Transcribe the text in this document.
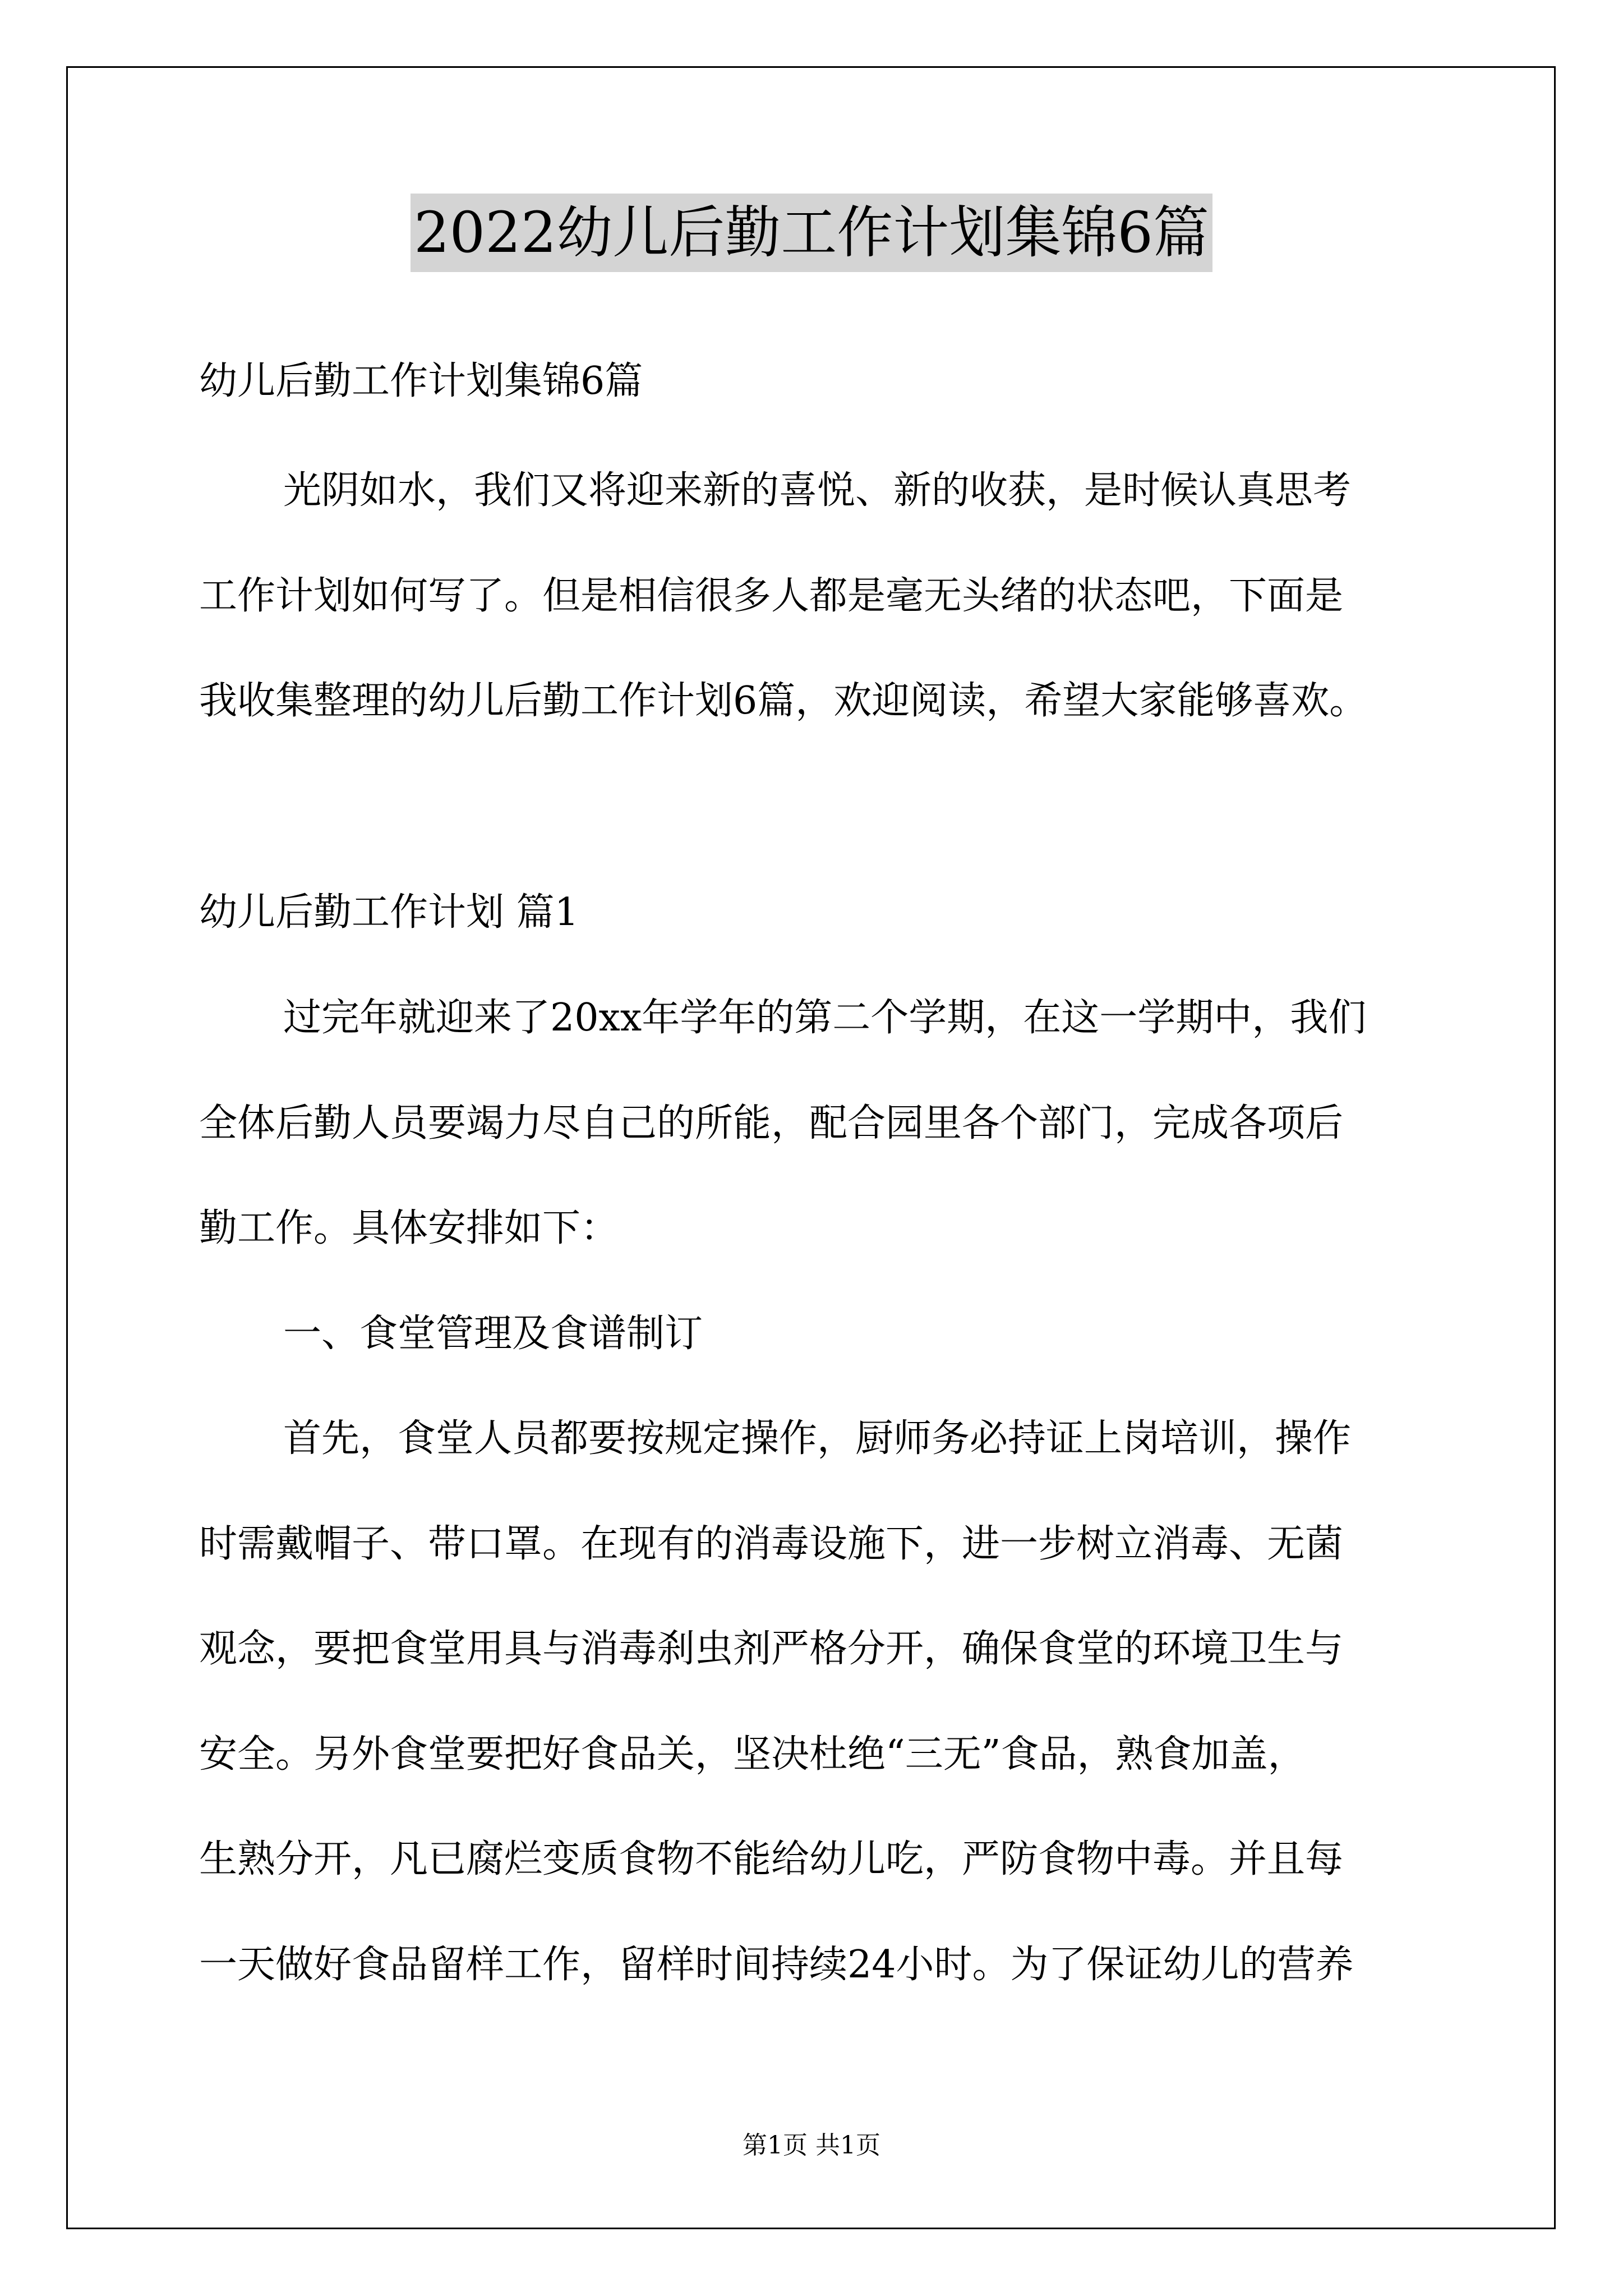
2022幼儿后勤工作计划集锦6篇
幼儿后勤工作计划集锦6篇
光阴如水，我们又将迎来新的喜悦、新的收获，是时候认真思考
工作计划如何写了。但是相信很多人都是毫无头绪的状态吧，下面是
我收集整理的幼儿后勤工作计划6篇，欢迎阅读，希望大家能够喜欢。
幼儿后勤工作计划 篇1
过完年就迎来了20xx年学年的第二个学期，在这一学期中，我们
全体后勤人员要竭力尽自己的所能，配合园里各个部门，完成各项后
勤工作。具体安排如下：
一、食堂管理及食谱制订
首先，食堂人员都要按规定操作，厨师务必持证上岗培训，操作
时需戴帽子、带口罩。在现有的消毒设施下，进一步树立消毒、无菌
观念，要把食堂用具与消毒刹虫剂严格分开，确保食堂的环境卫生与
安全。另外食堂要把好食品关，坚决杜绝“三无”食品，熟食加盖，
生熟分开，凡已腐烂变质食物不能给幼儿吃，严防食物中毒。并且每
一天做好食品留样工作，留样时间持续24小时。为了保证幼儿的营养
第1页 共1页
